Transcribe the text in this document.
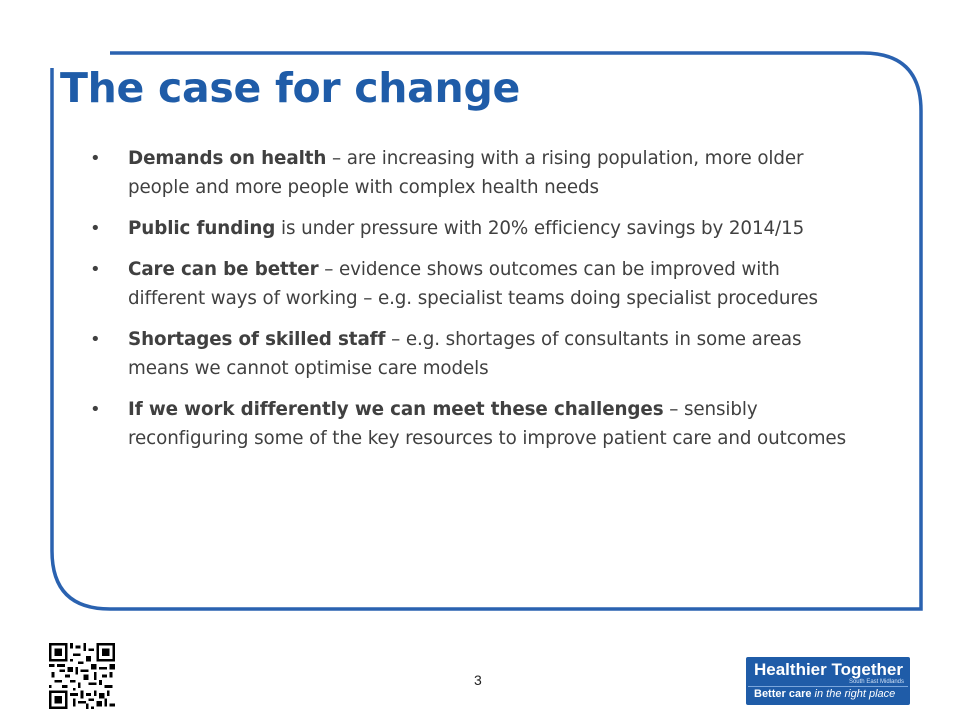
The case for change
• Demands on health – are increasing with a rising population, more older people and more people with complex health needs
• Public funding is under pressure with 20% efficiency savings by 2014/15
• Care can be better – evidence shows outcomes can be improved with different ways of working – e.g. specialist teams doing specialist procedures
• Shortages of skilled staff – e.g. shortages of consultants in some areas means we cannot optimise care models
• If we work differently we can meet these challenges – sensibly reconfiguring some of the key resources to improve patient care and outcomes
3
Healthier Together
South East Midlands
Better care in the right place
